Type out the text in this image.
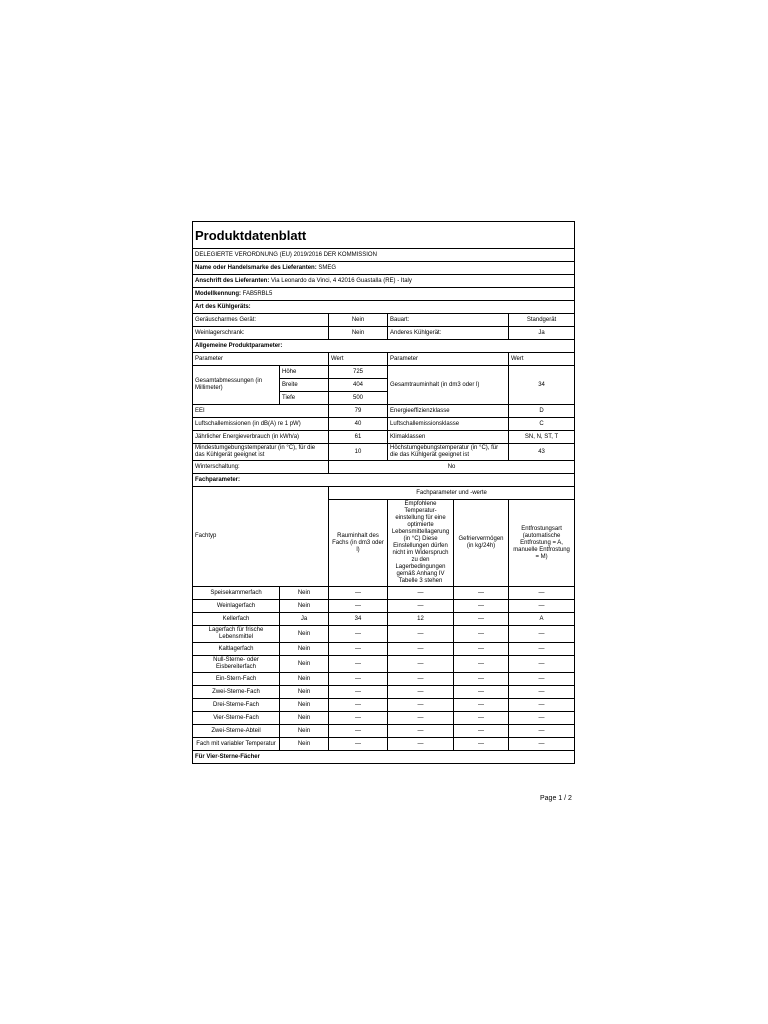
Produktdatenblatt					
DELEGIERTE VERORDNUNG (EU) 2019/2016 DER KOMMISSION					
Name oder Handelsmarke des Lieferanten: SMEG					
Anschrift des Lieferanten: Via Leonardo da Vinci, 4 42016 Guastalla (RE) - Italy					
Modellkennung: FAB5RBL5					
Art des Kühlgeräts:					
Geräuscharmes Gerät:		Nein	Bauart:		Standgerät
Weinlagerschrank:		Nein	Anderes Kühlgerät:		Ja
Allgemeine Produktparameter:					
Parameter		Wert	Parameter		Wert
Gesamtabmessungen (in Millimeter)	Höhe	725	Gesamtrauminhalt (in dm3 oder l)		34
	Breite	404			
	Tiefe	500			
EEI		79	Energieeffizienzklasse		D
Luftschallemissionen (in dB(A) re 1 pW)		40	Luftschallemissionsklasse		C
Jährlicher Energieverbrauch (in kWh/a)		61	Klimaklassen		SN, N, ST, T
Mindestumgebungstemperatur (in °C), für die das Kühlgerät geeignet ist		10	Höchstumgebungstemperatur (in °C), für die das Kühlgerät geeignet ist		43
Winterschaltung:		No			
Fachparameter:					
Fachtyp		Fachparameter und -werte			
		Rauminhalt des Fachs (in dm3 oder l)	Empfohlene Temperatur-einstellung für eine optimierte Lebensmittellagerung (in °C) Diese Einstellungen dürfen nicht im Widerspruch zu den Lagerbedingungen gemäß Anhang IV Tabelle 3 stehen	Gefriervermögen (in kg/24h)	Entfrostungsart (automatische Entfrostung = A, manuelle Entfrostung = M)
Speisekammerfach	Nein	—	—	—	—
Weinlagerfach	Nein	—	—	—	—
Kellerfach	Ja	34	12	—	A
Lagerfach für frische Lebensmittel	Nein	—	—	—	—
Kaltlagerfach	Nein	—	—	—	—
Null-Sterne- oder Eisbereiterfach	Nein	—	—	—	—
Ein-Stern-Fach	Nein	—	—	—	—
Zwei-Sterne-Fach	Nein	—	—	—	—
Drei-Sterne-Fach	Nein	—	—	—	—
Vier-Sterne-Fach	Nein	—	—	—	—
Zwei-Sterne-Abteil	Nein	—	—	—	—
Fach mit variabler Temperatur	Nein	—	—	—	—
Für Vier-Sterne-Fächer					
Page 1 / 2
